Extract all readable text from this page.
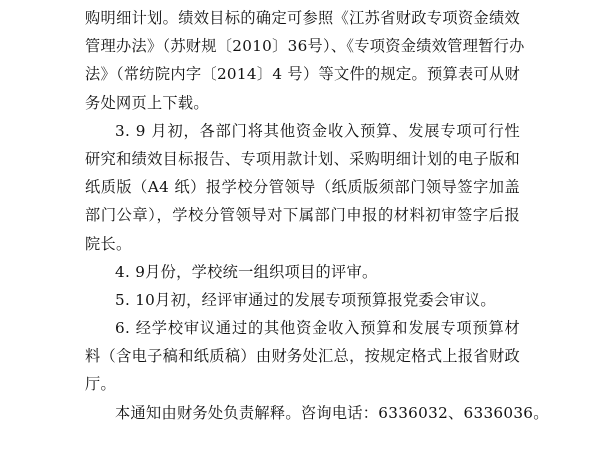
购明细计划。绩效目标的确定可参照《江苏省财政专项资金绩效
管理办法》（苏财规〔2010〕36号）、《专项资金绩效管理暂行办
法》（常纺院内字〔2014〕4 号）等文件的规定。预算表可从财
务处网页上下载。
3. 9 月初，各部门将其他资金收入预算、发展专项可行性
研究和绩效目标报告、专项用款计划、采购明细计划的电子版和
纸质版（A4 纸）报学校分管领导（纸质版须部门领导签字加盖
部门公章），学校分管领导对下属部门申报的材料初审签字后报
院长。
4. 9月份，学校统一组织项目的评审。
5. 10月初，经评审通过的发展专项预算报党委会审议。
6. 经学校审议通过的其他资金收入预算和发展专项预算材
料（含电子稿和纸质稿）由财务处汇总，按规定格式上报省财政
厅。
本通知由财务处负责解释。咨询电话：6336032、6336036。
